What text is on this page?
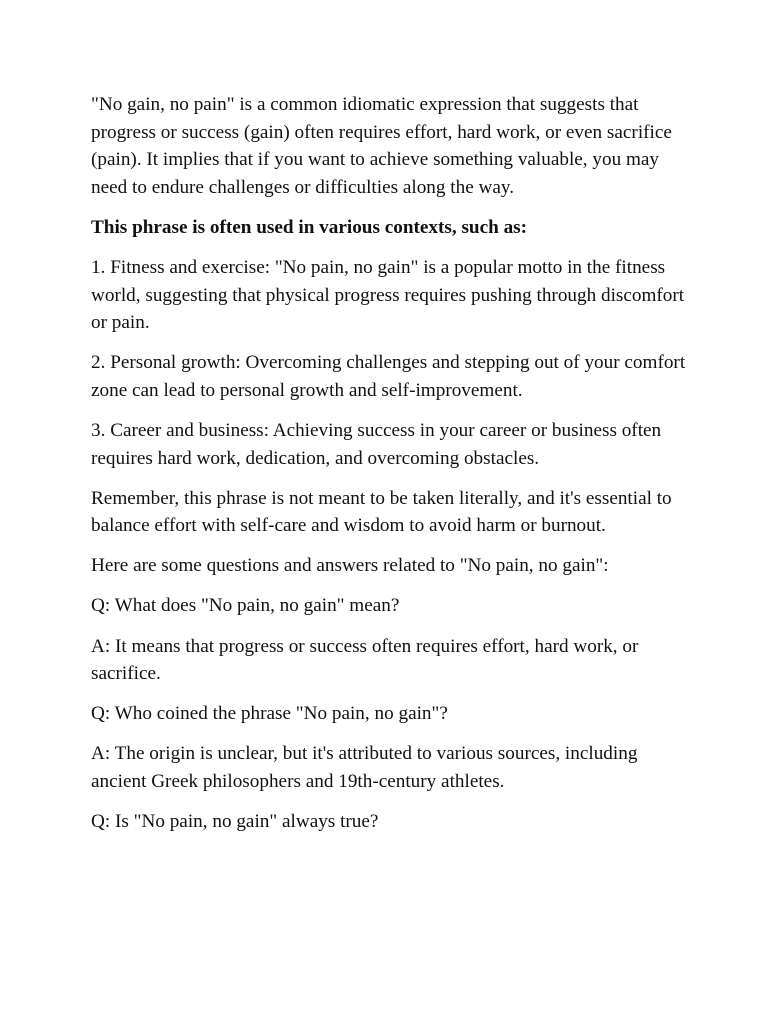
"No gain, no pain" is a common idiomatic expression that suggests that progress or success (gain) often requires effort, hard work, or even sacrifice (pain). It implies that if you want to achieve something valuable, you may need to endure challenges or difficulties along the way.

This phrase is often used in various contexts, such as:

1. Fitness and exercise: "No pain, no gain" is a popular motto in the fitness world, suggesting that physical progress requires pushing through discomfort or pain.

2. Personal growth: Overcoming challenges and stepping out of your comfort zone can lead to personal growth and self-improvement.

3. Career and business: Achieving success in your career or business often requires hard work, dedication, and overcoming obstacles.

Remember, this phrase is not meant to be taken literally, and it's essential to balance effort with self-care and wisdom to avoid harm or burnout.

Here are some questions and answers related to "No pain, no gain":

Q: What does "No pain, no gain" mean?

A: It means that progress or success often requires effort, hard work, or sacrifice.

Q: Who coined the phrase "No pain, no gain"?

A: The origin is unclear, but it's attributed to various sources, including ancient Greek philosophers and 19th-century athletes.

Q: Is "No pain, no gain" always true?
